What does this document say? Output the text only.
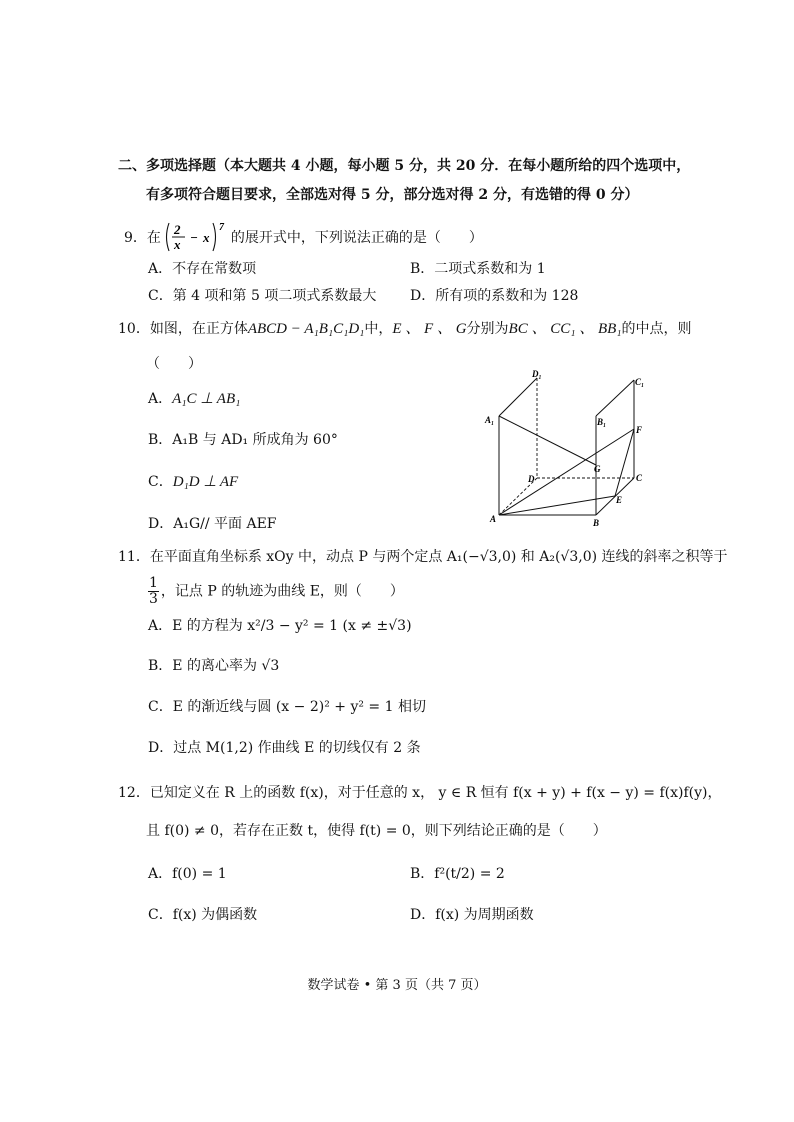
二、多项选择题（本大题共 4 小题，每小题 5 分，共 20 分．在每小题所给的四个选项中，
有多项符合题目要求，全部选对得 5 分，部分选对得 2 分，有选错的得 0 分）
9．在
2
x − x
7
的展开式中，下列说法正确的是（　　）
A．不存在常数项	B．二项式系数和为 1
C．第 4 项和第 5 项二项式系数最大 D．所有项的系数和为 128
10．如图，在正方体ABCD − A₁B₁C₁D₁中，E 、 F 、 G分别为BC 、 CC₁ 、 BB₁的中点，则
（　　）
A．A₁C ⊥ AB₁
B．A₁B 与 AD₁ 所成角为 60°
C．D₁D ⊥ AF
D．A₁G// 平面 AEF
D₁
C₁
A₁	B₁
F
G
D	C
E
A	B
11．在平面直角坐标系 xOy 中，动点 P 与两个定点 A₁(−√3,0) 和 A₂(√3,0) 连线的斜率之积等于
$\frac{1}{3}$ ，记点 P 的轨迹为曲线 E，则（　　）
A．E 的方程为 x²/3 − y² = 1 (x ≠ ±√3)
B．E 的离心率为 √3
C．E 的渐近线与圆 (x − 2)² + y² = 1 相切
D．过点 M(1,2) 作曲线 E 的切线仅有 2 条
12．已知定义在 R 上的函数 f(x)，对于任意的 x， y ∈ R 恒有 f(x + y) + f(x − y) = f(x)f(y)，
且 f(0) ≠ 0，若存在正数 t，使得 f(t) = 0，则下列结论正确的是（　　）
A．f(0) = 1	B．f²(t/2) = 2
C．f(x) 为偶函数	D．f(x) 为周期函数
数学试卷 • 第 3 页（共 7 页）
